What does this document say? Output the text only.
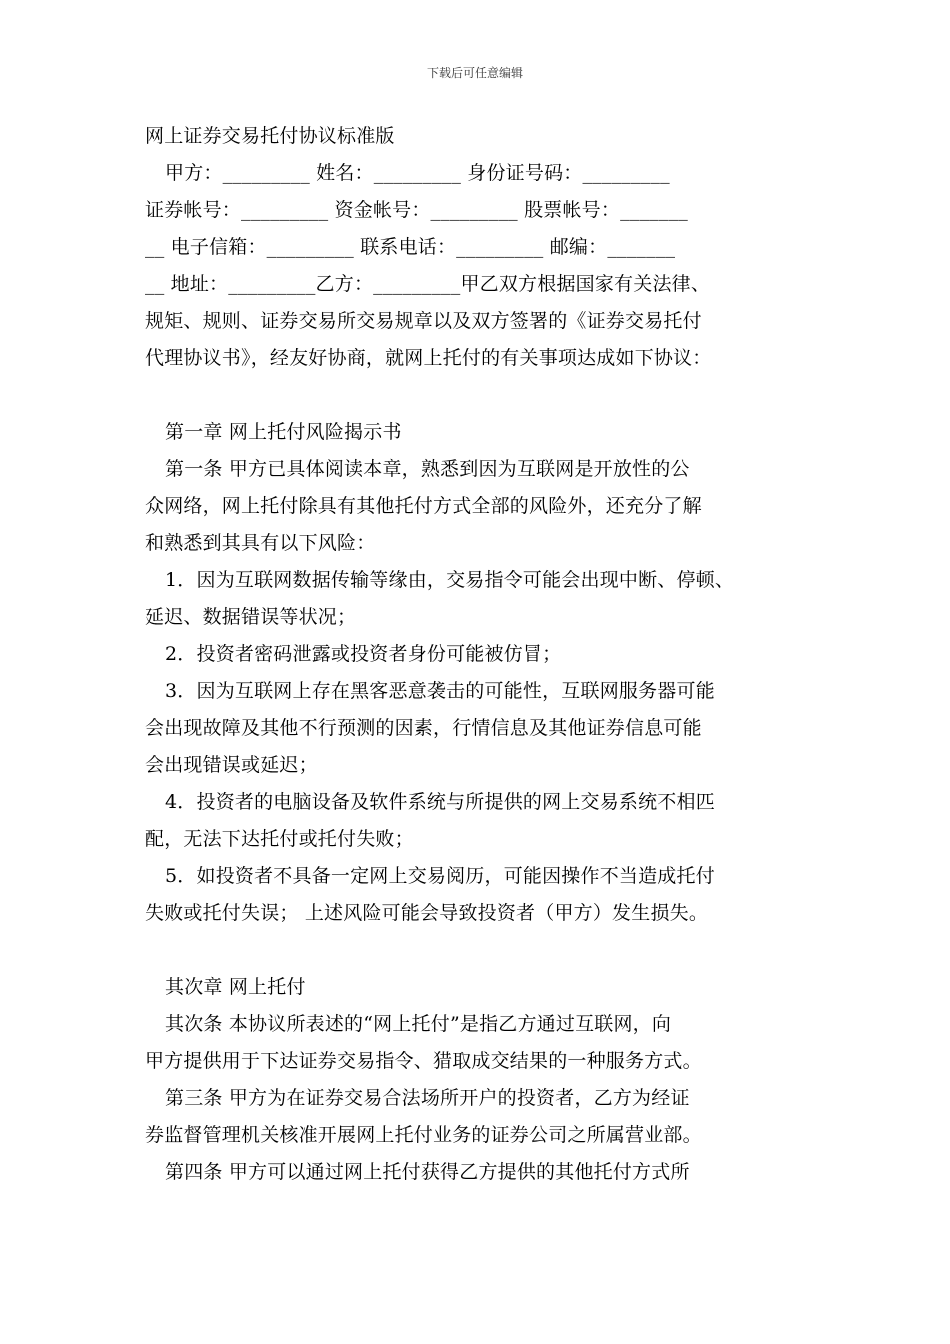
下载后可任意编辑
网上证券交易托付协议标准版
甲方：_________ 姓名：_________ 身份证号码：_________
证券帐号：_________ 资金帐号：_________ 股票帐号：_______
__ 电子信箱：_________ 联系电话：_________ 邮编：_______
__ 地址：_________乙方：_________甲乙双方根据国家有关法律、
规矩、规则、证券交易所交易规章以及双方签署的《证券交易托付
代理协议书》，经友好协商，就网上托付的有关事项达成如下协议：
第一章 网上托付风险揭示书
第一条 甲方已具体阅读本章，熟悉到因为互联网是开放性的公
众网络，网上托付除具有其他托付方式全部的风险外，还充分了解
和熟悉到其具有以下风险：
1．因为互联网数据传输等缘由，交易指令可能会出现中断、停顿、
延迟、数据错误等状况；
2．投资者密码泄露或投资者身份可能被仿冒；
3．因为互联网上存在黑客恶意袭击的可能性，互联网服务器可能
会出现故障及其他不行预测的因素，行情信息及其他证券信息可能
会出现错误或延迟；
4．投资者的电脑设备及软件系统与所提供的网上交易系统不相匹
配，无法下达托付或托付失败；
5．如投资者不具备一定网上交易阅历，可能因操作不当造成托付
失败或托付失误； 上述风险可能会导致投资者（甲方）发生损失。
其次章 网上托付
其次条 本协议所表述的“网上托付”是指乙方通过互联网，向
甲方提供用于下达证券交易指令、猎取成交结果的一种服务方式。
第三条 甲方为在证券交易合法场所开户的投资者，乙方为经证
券监督管理机关核准开展网上托付业务的证券公司之所属营业部。
第四条 甲方可以通过网上托付获得乙方提供的其他托付方式所
